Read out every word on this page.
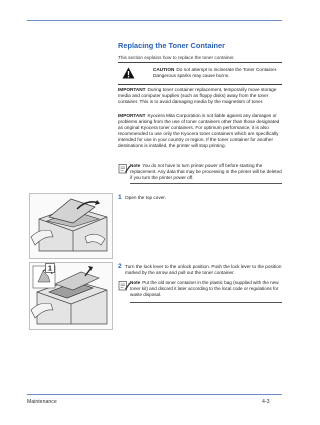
Replacing the Toner Container
This section explains how to replace the toner container.
CAUTION Do not attempt to incinerate the Toner Container. Dangerous sparks may cause burns.
IMPORTANT During toner container replacement, temporarily move storage media and computer supplies (such as floppy disks) away from the toner container. This is to avoid damaging media by the magnetism of toner.
IMPORTANT Kyocera Mita Corporation is not liable against any damages or problems arising from the use of toner containers other than those designated as original Kyocera toner containers. For optimum performance, it is also recommended to use only the Kyocera toner containers which are specifically intended for use in your country or region. If the toner container for another destinations is installed, the printer will stop printing.
Note You do not have to turn printer power off before starting the replacement. Any data that may be processing in the printer will be deleted if you turn the printer power off.
1 Open the top cover.
1	2 Turn the lock lever to the unlock position. Push the lock lever to the position marked by the arrow and pull out the toner container.
Note Put the old toner container in the plastic bag (supplied with the new toner kit) and discard it later according to the local code or regulations for waste disposal.
Maintenance	4-3
